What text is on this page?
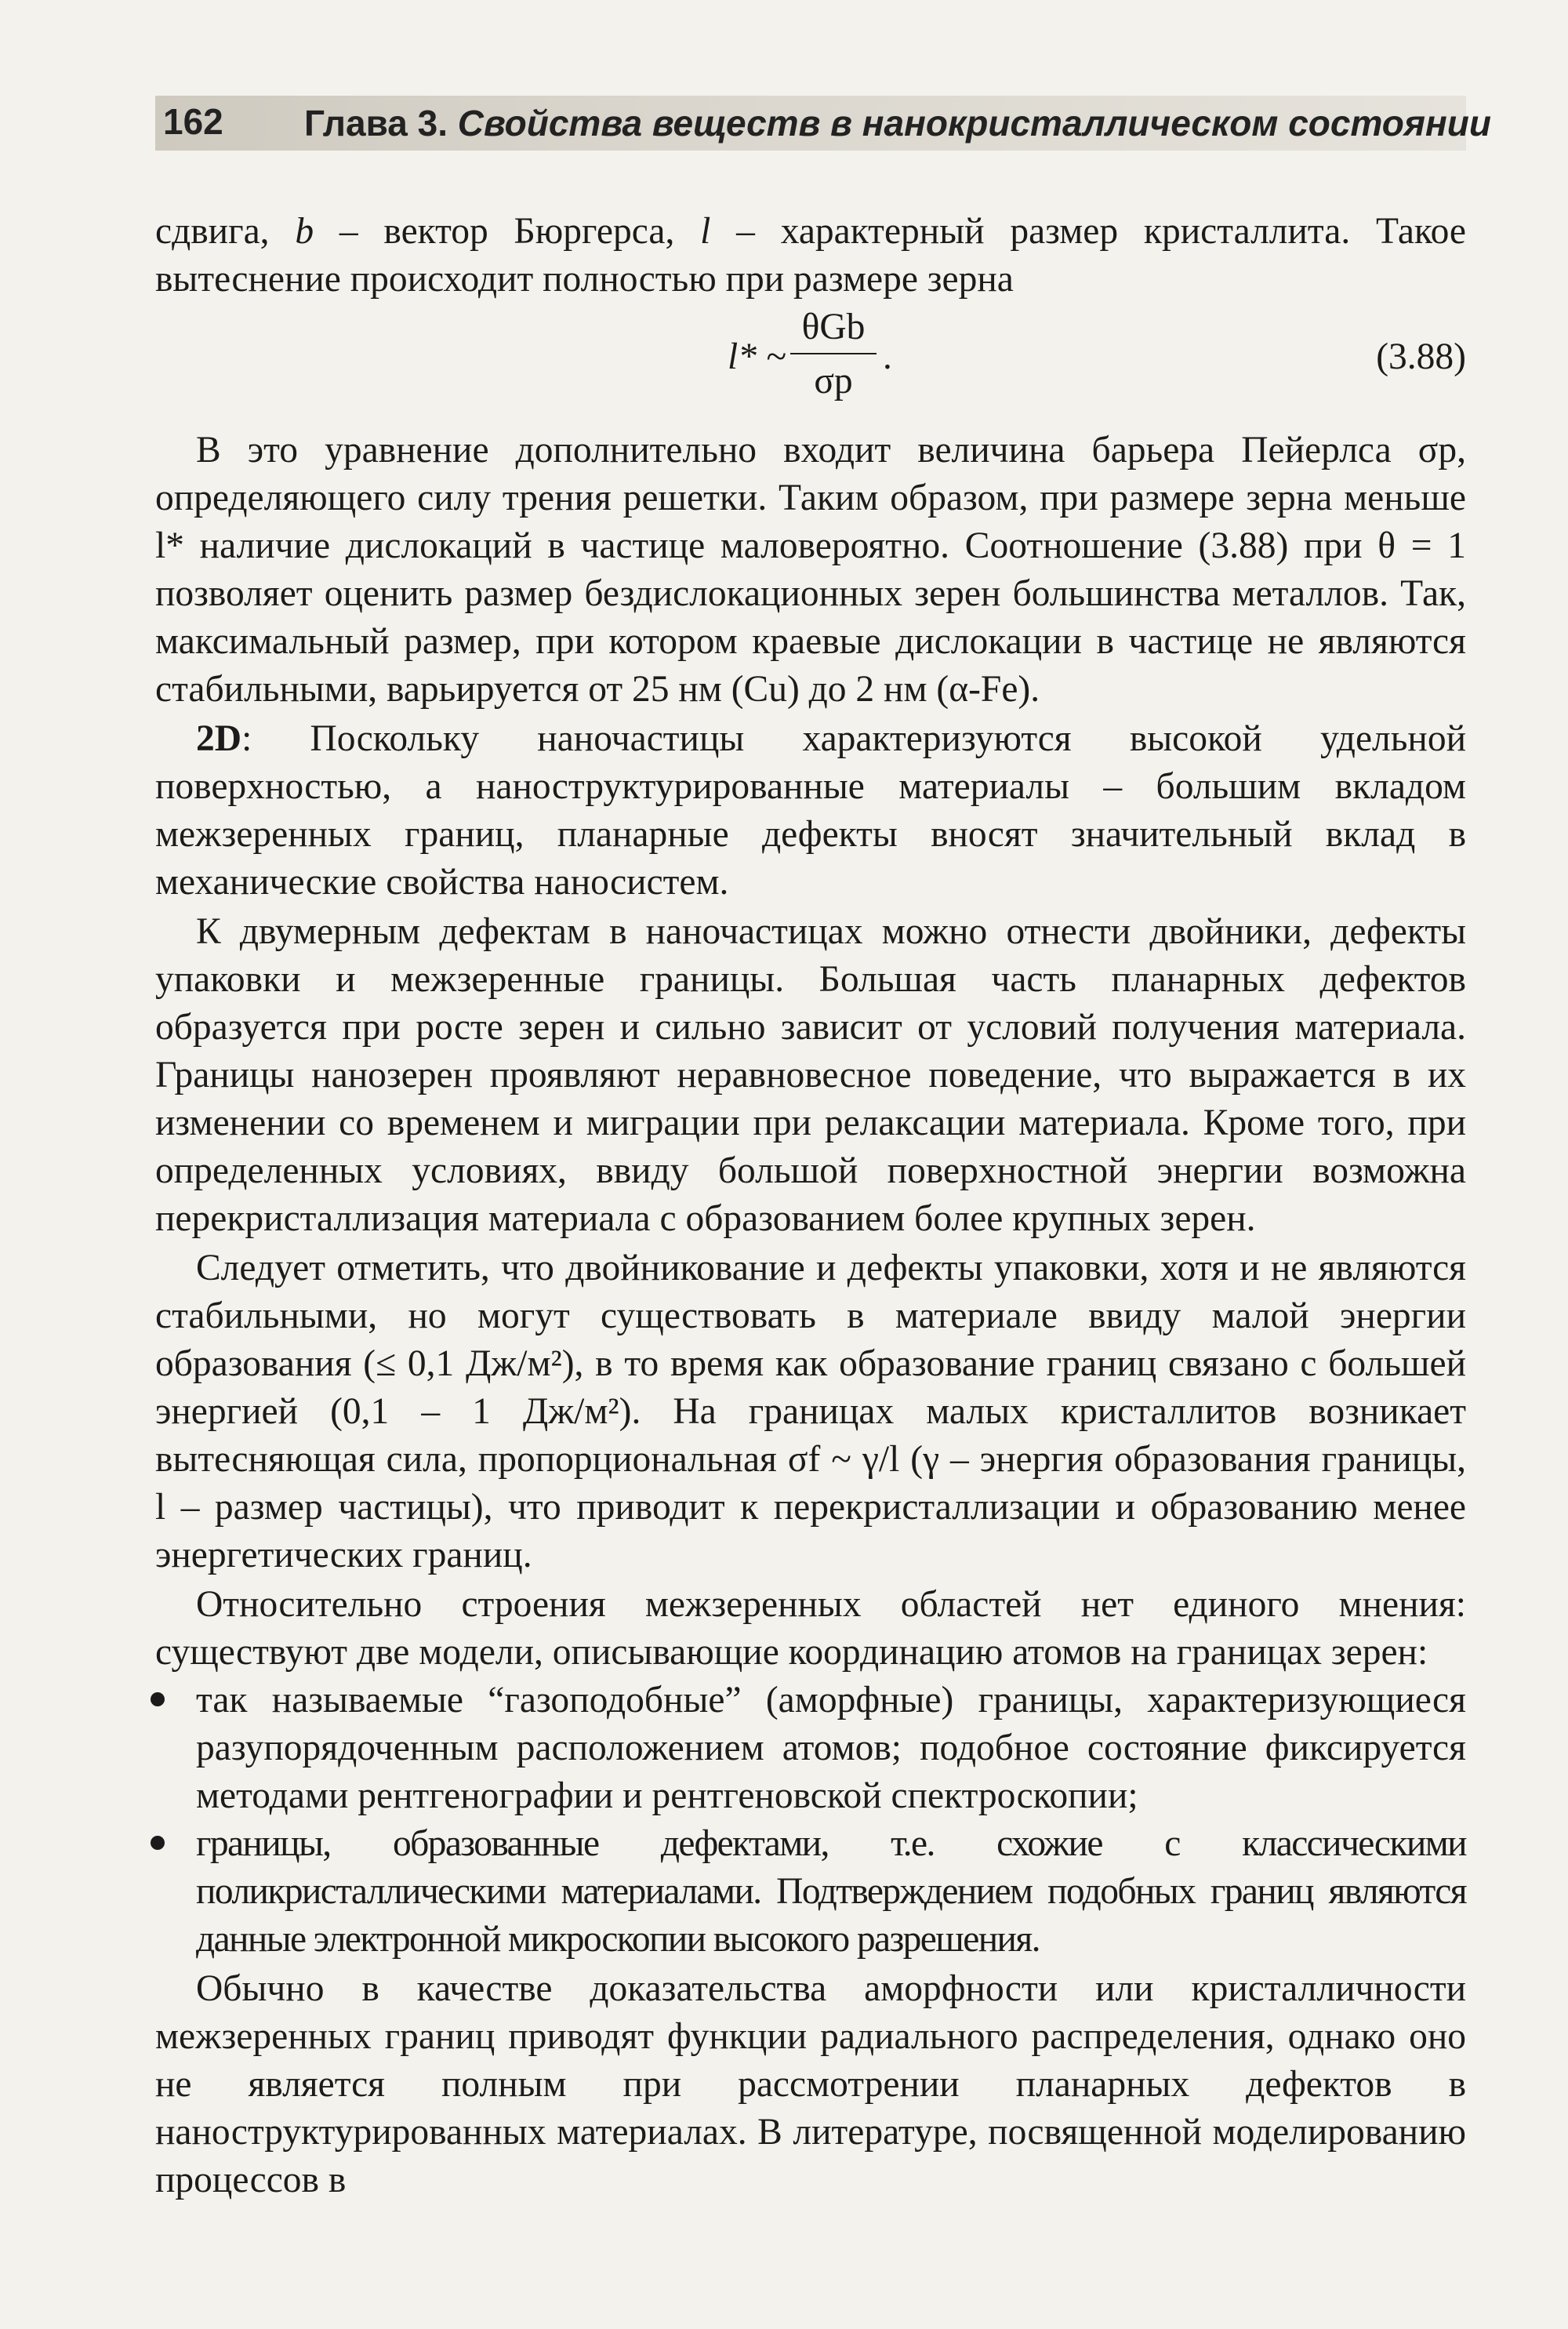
162 Глава 3. Свойства веществ в нанокристаллическом состоянии

сдвига, b – вектор Бюргерса, l – характерный размер кристаллита. Такое вытеснение происходит полностью при размере зерна

l* ~
θGb
σp
.	(3.88)

В это уравнение дополнительно входит величина барьера Пейерлса σp, определяющего силу трения решетки. Таким образом, при размере зерна меньше l* наличие дислокаций в частице маловероятно. Соотношение (3.88) при θ = 1 позволяет оценить размер бездислокационных зерен большинства металлов. Так, максимальный размер, при котором краевые дислокации в частице не являются стабильными, варьируется от 25 нм (Cu) до 2 нм (α-Fe).

2D: Поскольку наночастицы характеризуются высокой удельной поверхностью, а наноструктурированные материалы – большим вкладом межзеренных границ, планарные дефекты вносят значительный вклад в механические свойства наносистем.

К двумерным дефектам в наночастицах можно отнести двойники, дефекты упаковки и межзеренные границы. Большая часть планарных дефектов образуется при росте зерен и сильно зависит от условий получения материала. Границы нанозерен проявляют неравновесное поведение, что выражается в их изменении со временем и миграции при релаксации материала. Кроме того, при определенных условиях, ввиду большой поверхностной энергии возможна перекристаллизация материала с образованием более крупных зерен.

Следует отметить, что двойникование и дефекты упаковки, хотя и не являются стабильными, но могут существовать в материале ввиду малой энергии образования (≤ 0,1 Дж/м²), в то время как образование границ связано с большей энергией (0,1 – 1 Дж/м²). На границах малых кристаллитов возникает вытесняющая сила, пропорциональная σf ~ γ/l (γ – энергия образования границы, l – размер частицы), что приводит к перекристаллизации и образованию менее энергетических границ.

Относительно строения межзеренных областей нет единого мнения: существуют две модели, описывающие координацию атомов на границах зерен:

так называемые “газоподобные” (аморфные) границы, характеризующиеся разупорядоченным расположением атомов; подобное состояние фиксируется методами рентгенографии и рентгеновской спектроскопии;
границы, образованные дефектами, т.е. схожие с классическими поликристаллическими материалами. Подтверждением подобных границ являются данные электронной микроскопии высокого разрешения.

Обычно в качестве доказательства аморфности или кристалличности межзеренных границ приводят функции радиального распределения, однако оно не является полным при рассмотрении планарных дефектов в наноструктурированных материалах. В литературе, посвященной моделированию процессов в
